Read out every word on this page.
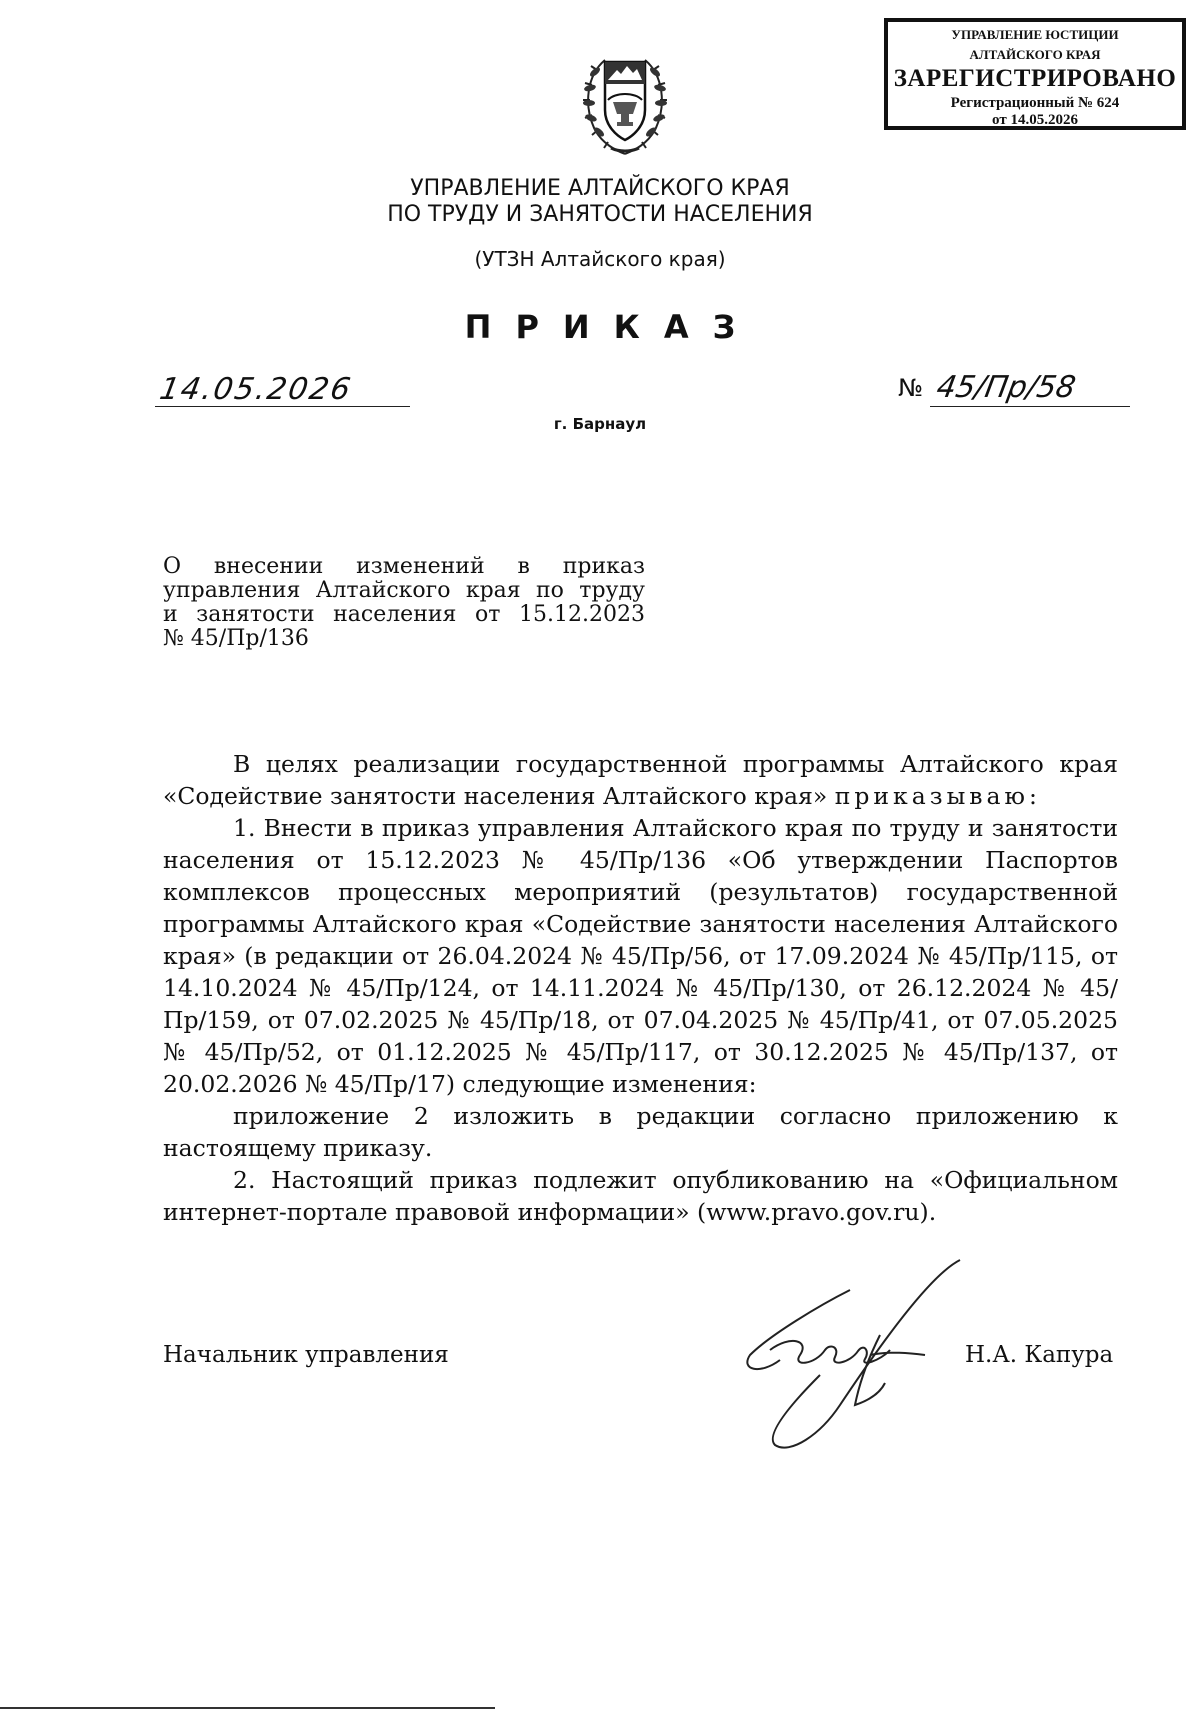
УПРАВЛЕНИЕ ЮСТИЦИИ
АЛТАЙСКОГО КРАЯ
ЗАРЕГИСТРИРОВАНО
Регистрационный № 624
от 14.05.2026
УПРАВЛЕНИЕ АЛТАЙСКОГО КРАЯ
ПО ТРУДУ И ЗАНЯТОСТИ НАСЕЛЕНИЯ
(УТЗН Алтайского края)
ПРИКАЗ
14.05.2026	№ 45/Пр/58
г. Барнаул
О внесении изменений в приказ
управления Алтайского края по труду
и занятости населения от 15.12.2023
№ 45/Пр/136

В целях реализации государственной программы Алтайского края «Содействие занятости населения Алтайского края» приказываю:

1. Внести в приказ управления Алтайского края по труду и занятости населения от 15.12.2023 № 45/Пр/136 «Об утверждении Паспортов комплексов процессных мероприятий (результатов) государственной программы Алтайского края «Содействие занятости населения Алтайского края» (в редакции от 26.04.2024 № 45/Пр/56, от 17.09.2024 № 45/Пр/115, от 14.10.2024 № 45/Пр/124, от 14.11.2024 № 45/Пр/130, от 26.12.2024 № 45/Пр/159, от 07.02.2025 № 45/Пр/18, от 07.04.2025 № 45/Пр/41, от 07.05.2025 № 45/Пр/52, от 01.12.2025 № 45/Пр/117, от 30.12.2025 № 45/Пр/137, от 20.02.2026 № 45/Пр/17) следующие изменения:

приложение 2 изложить в редакции согласно приложению к настоящему приказу.

2. Настоящий приказ подлежит опубликованию на «Официальном интернет-портале правовой информации» (www.pravo.gov.ru).

Начальник управления	Н.А. Капура
